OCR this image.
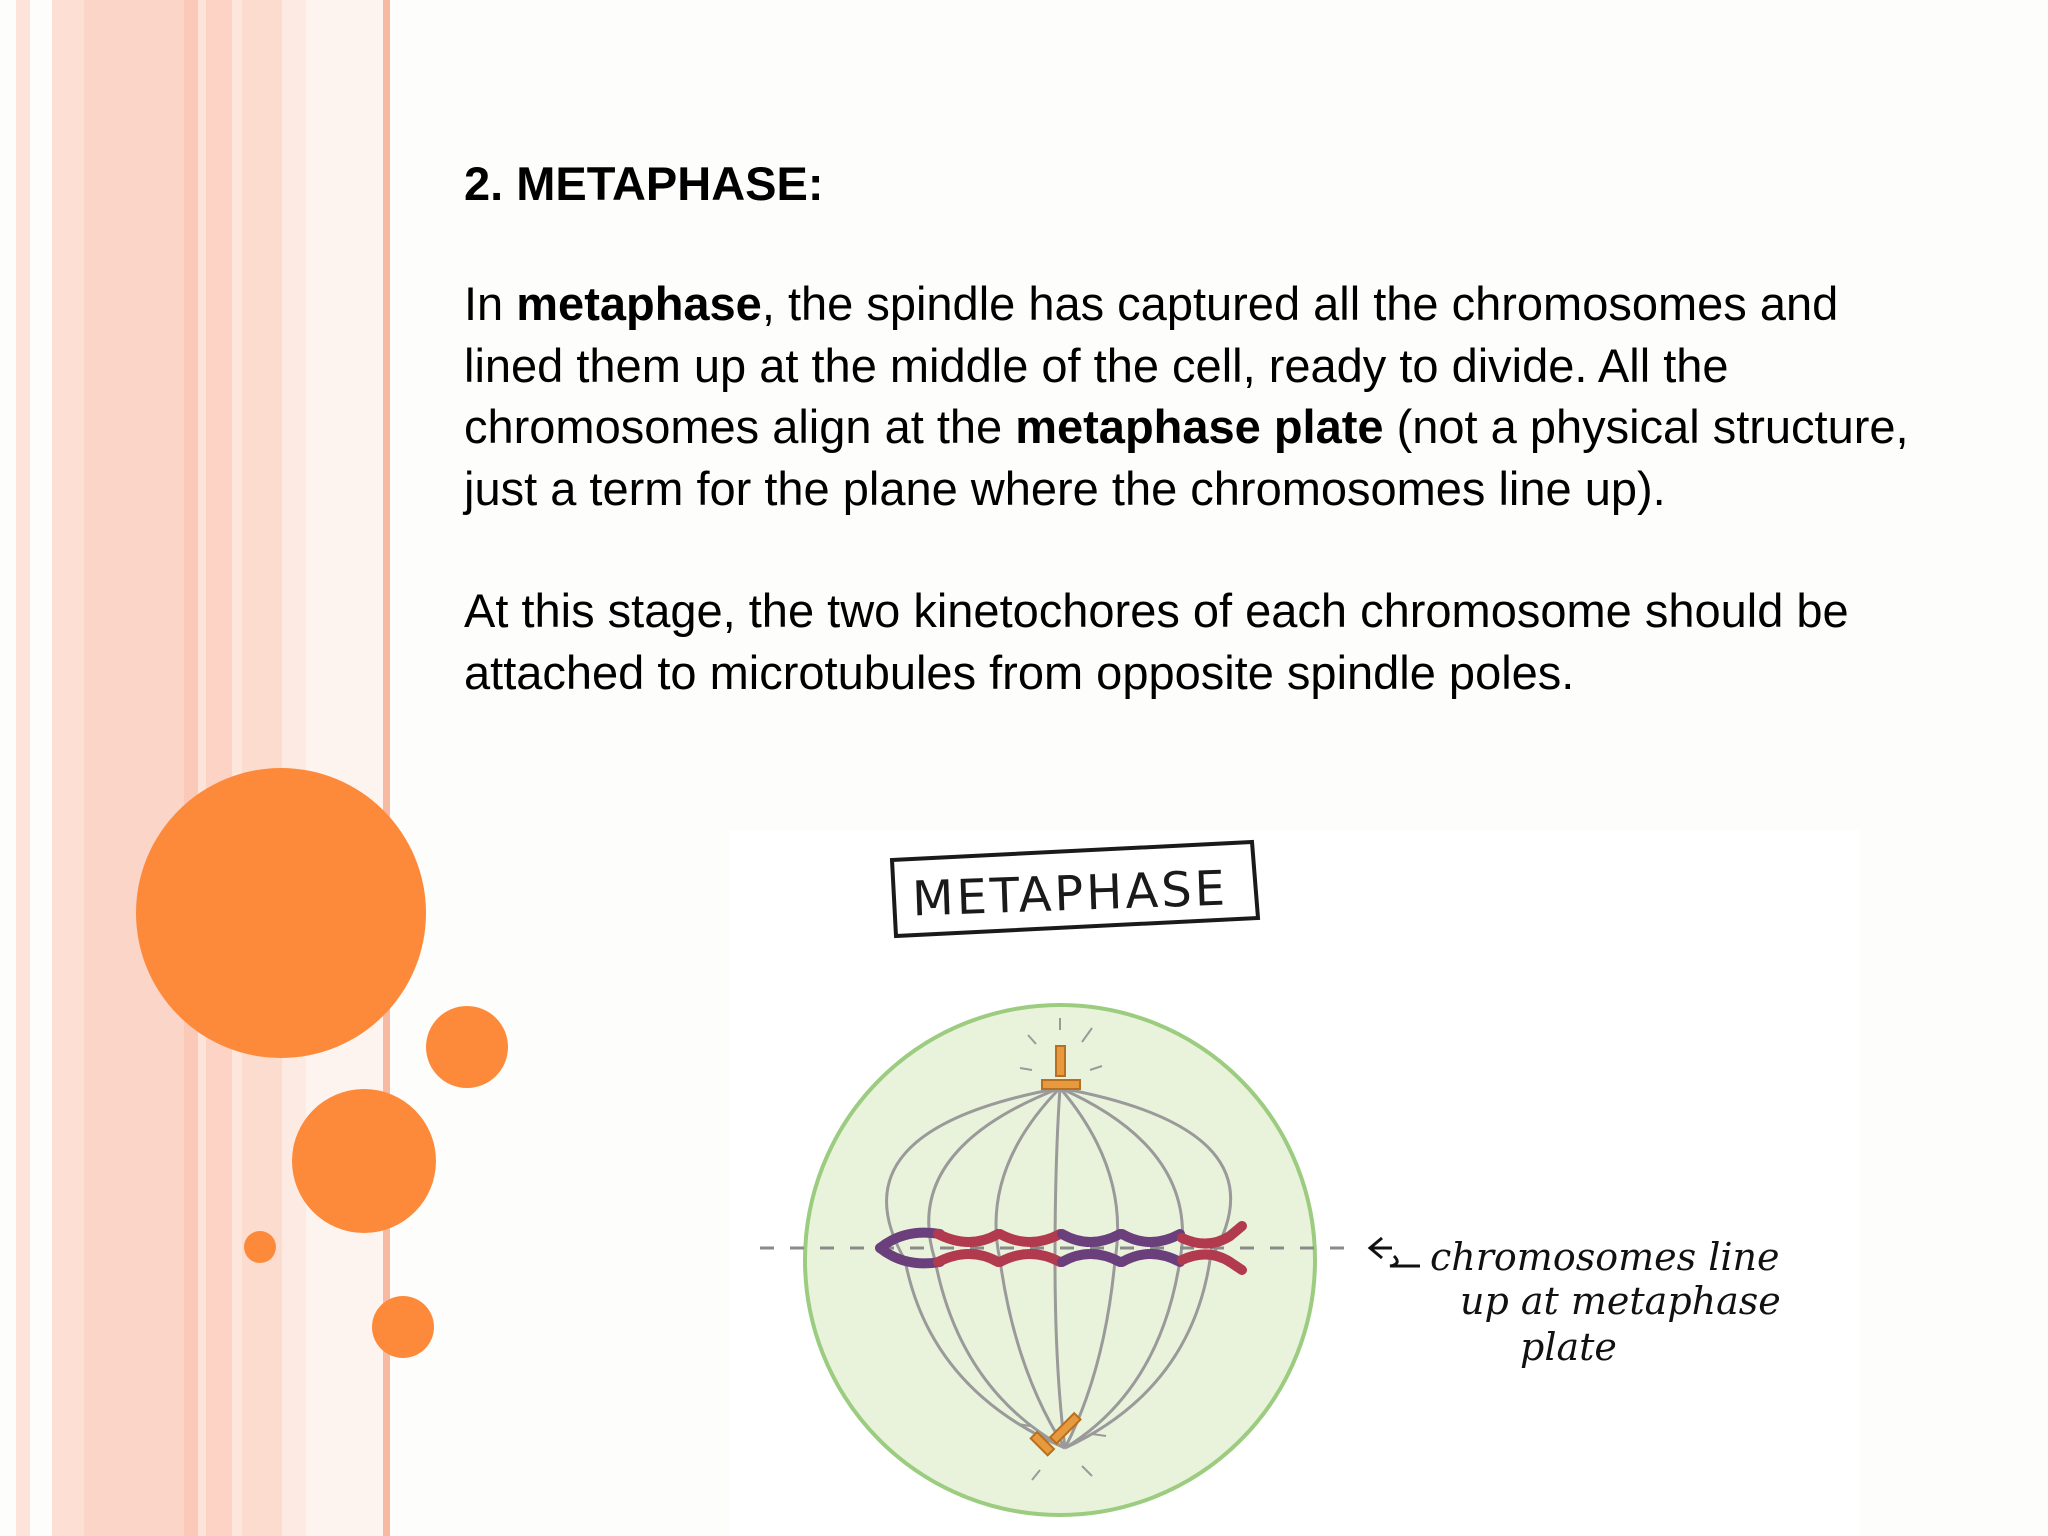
2. METAPHASE:
In metaphase, the spindle has captured all the chromosomes and lined them up at the middle of the cell, ready to divide. All the chromosomes align at the metaphase plate (not a physical structure, just a term for the plane where the chromosomes line up).
At this stage, the two kinetochores of each chromosome should be attached to microtubules from opposite spindle poles.
METAPHASE
chromosomes line
up at metaphase
plate
